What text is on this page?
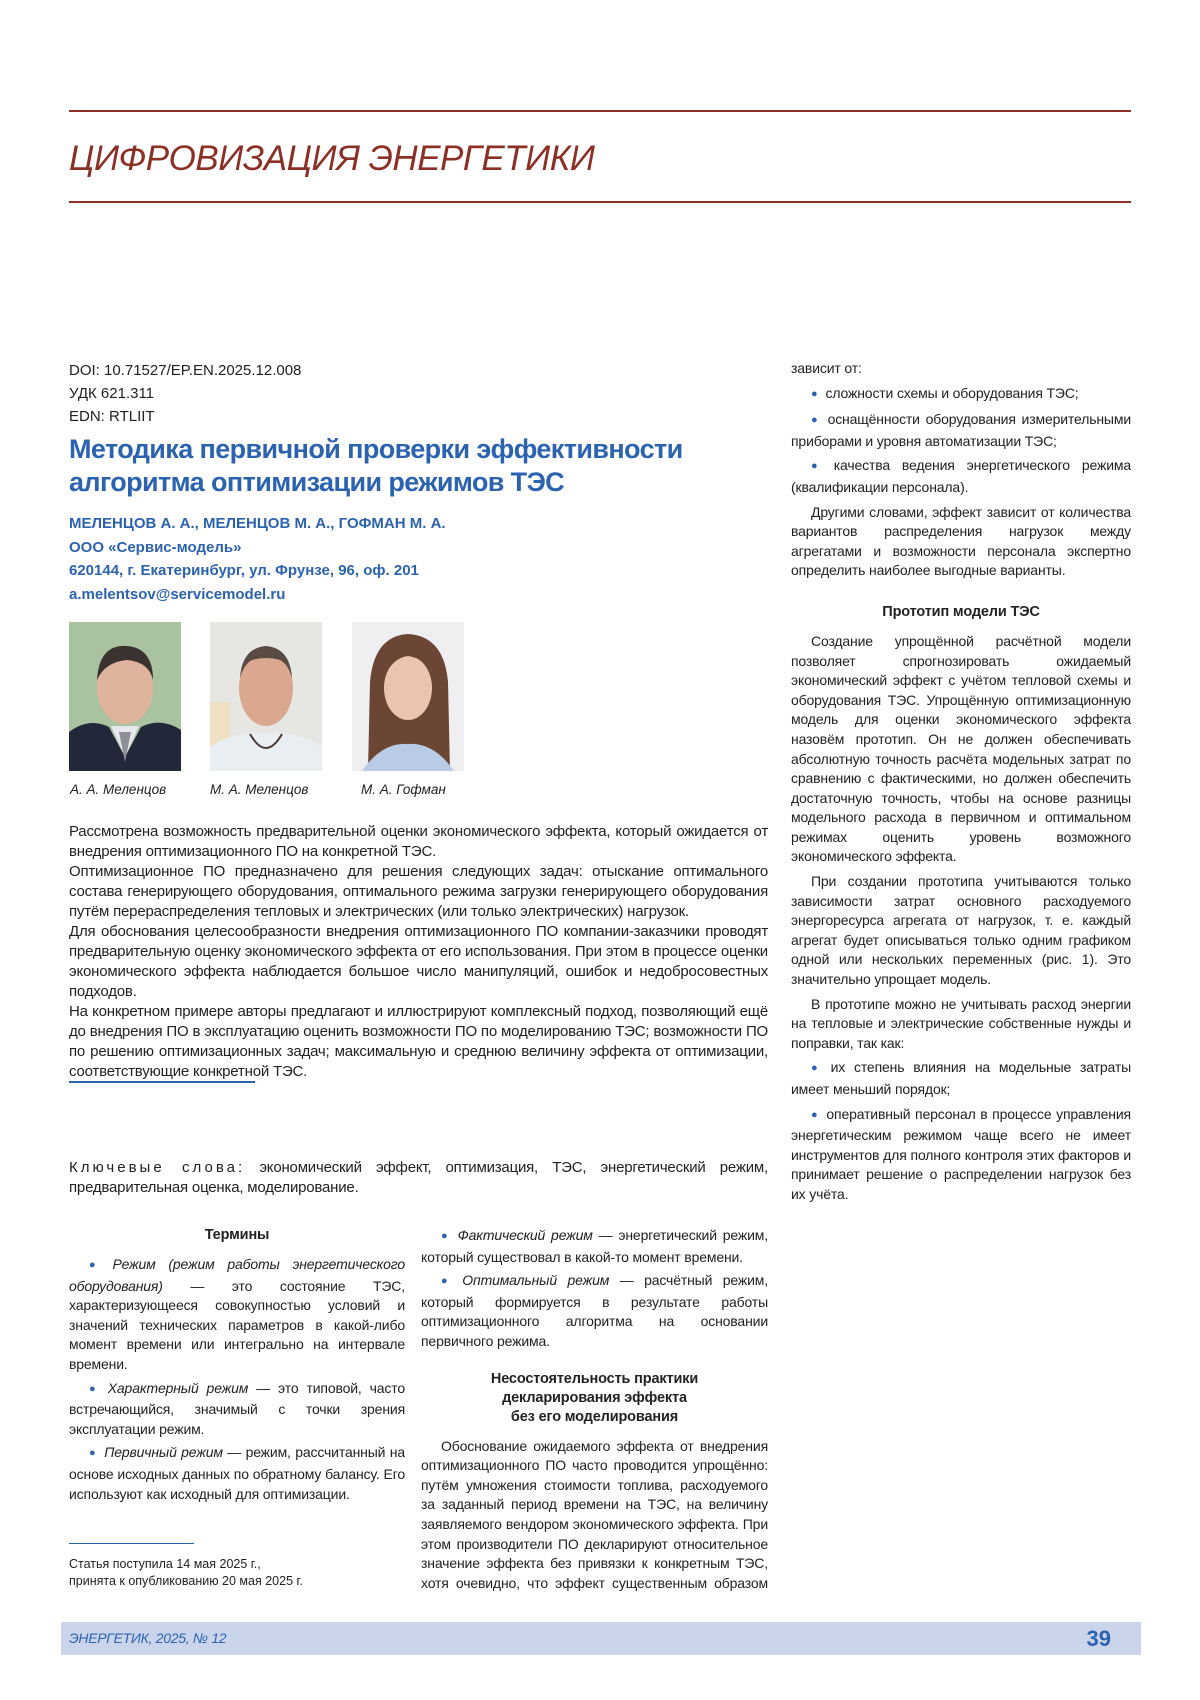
ЦИФРОВИЗАЦИЯ ЭНЕРГЕТИКИ
DOI: 10.71527/EP.EN.2025.12.008
УДК 621.311
EDN: RTLIIT
Методика первичной проверки эффективности
алгоритма оптимизации режимов ТЭС
МЕЛЕНЦОВ А. А., МЕЛЕНЦОВ М. А., ГОФМАН М. А.
ООО «Сервис-модель»
620144, г. Екатеринбург, ул. Фрунзе, 96, оф. 201
a.melentsov@servicemodel.ru
А. А. Меленцов	М. А. Меленцов	М. А. Гофман

Рассмотрена возможность предварительной оценки экономического эффекта, который ожидается от внедрения оптимизационного ПО на конкретной ТЭС.

Оптимизационное ПО предназначено для решения следующих задач: отыскание оптимального состава генерирующего оборудования, оптимального режима загрузки генерирующего оборудования путём перераспределения тепловых и электрических (или только электрических) нагрузок.

Для обоснования целесообразности внедрения оптимизационного ПО компании-заказчики проводят предварительную оценку экономического эффекта от его использования. При этом в процессе оценки экономического эффекта наблюдается большое число манипуляций, ошибок и недобросовестных подходов.

На конкретном примере авторы предлагают и иллюстрируют комплексный подход, позволяющий ещё до внедрения ПО в эксплуатацию оценить возможности ПО по моделированию ТЭС; возможности ПО по решению оптимизационных задач; максимальную и среднюю величину эффекта от оптимизации, соответствующие конкретной ТЭС.

Ключевые слова: экономический эффект, оптимизация, ТЭС, энергетический режим, предварительная оценка, моделирование.
Термины

● Режим (режим работы энергетического оборудования) — это состояние ТЭС, характеризующееся совокупностью условий и значений технических параметров в какой-либо момент времени или интегрально на интервале времени.

● Характерный режим — это типовой, часто встречающийся, значимый с точки зрения эксплуатации режим.

● Первичный режим — режим, рассчитанный на основе исходных данных по обратному балансу. Его используют как исходный для оптимизации.

● Фактический режим — энергетический режим, который существовал в какой-то момент времени.

● Оптимальный режим — расчётный режим, который формируется в результате работы оптимизационного алгоритма на основании первичного режима.

Несостоятельность практики
декларирования эффекта
без его моделирования

Обоснование ожидаемого эффекта от внедрения оптимизационного ПО часто проводится упрощённо: путём умножения стоимости топлива, расходуемого за заданный период времени на ТЭС, на величину заявляемого вендором экономического эффекта. При этом производители ПО декларируют относительное значение эффекта без привязки к конкретным ТЭС, хотя очевидно, что эффект существенным образом

зависит от:

● сложности схемы и оборудования ТЭС;

● оснащённости оборудования измерительными приборами и уровня автоматизации ТЭС;

● качества ведения энергетического режима (квалификации персонала).

Другими словами, эффект зависит от количества вариантов распределения нагрузок между агрегатами и возможности персонала экспертно определить наиболее выгодные варианты.

Прототип модели ТЭС

Создание упрощённой расчётной модели позволяет спрогнозировать ожидаемый экономический эффект с учётом тепловой схемы и оборудования ТЭС. Упрощённую оптимизационную модель для оценки экономического эффекта назовём прототип. Он не должен обеспечивать абсолютную точность расчёта модельных затрат по сравнению с фактическими, но должен обеспечить достаточную точность, чтобы на основе разницы модельного расхода в первичном и оптимальном режимах оценить уровень возможного экономического эффекта.

При создании прототипа учитываются только зависимости затрат основного расходуемого энергоресурса агрегата от нагрузок, т. е. каждый агрегат будет описываться только одним графиком одной или нескольких переменных (рис. 1). Это значительно упрощает модель.

В прототипе можно не учитывать расход энергии на тепловые и электрические собственные нужды и поправки, так как:

● их степень влияния на модельные затраты имеет меньший порядок;

● оперативный персонал в процессе управления энергетическим режимом чаще всего не имеет инструментов для полного контроля этих факторов и принимает решение о распределении нагрузок без их учёта.

Статья поступила 14 мая 2025 г.,
принята к опубликованию 20 мая 2025 г.
ЭНЕРГЕТИК, 2025, № 12	39
